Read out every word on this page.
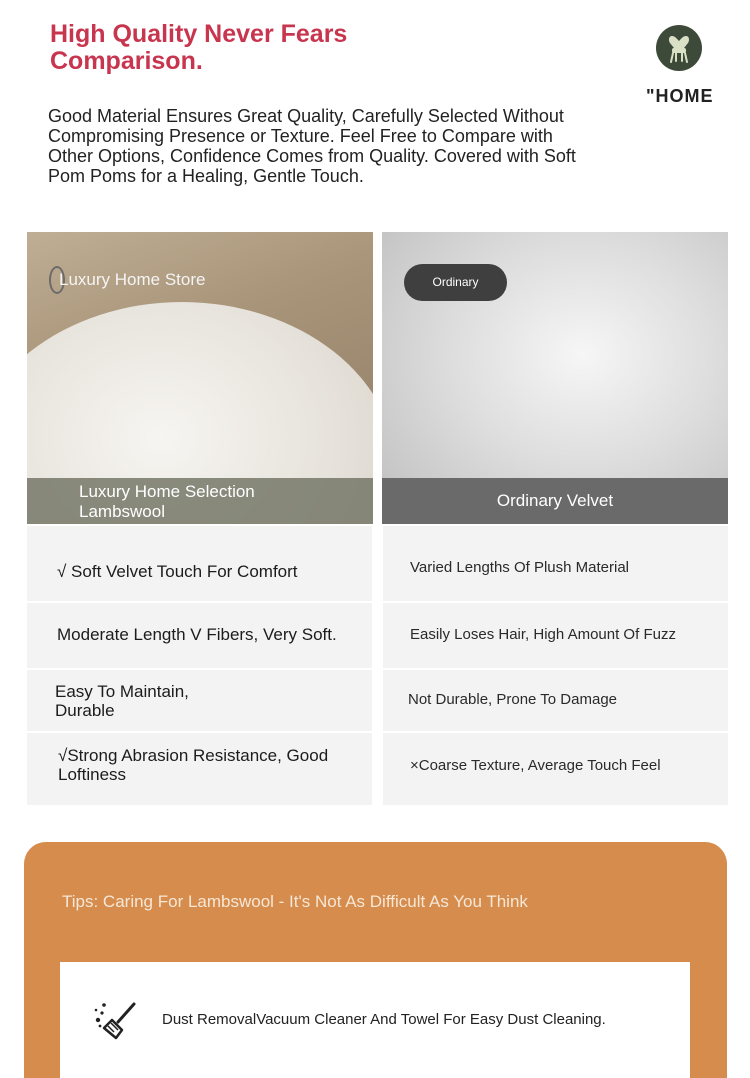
High Quality Never Fears Comparison.
"HOME

Good Material Ensures Great Quality, Carefully Selected Without Compromising Presence or Texture. Feel Free to Compare with Other Options, Confidence Comes from Quality. Covered with Soft Pom Poms for a Healing, Gentle Touch.

Luxury Home Store
Luxury Home Selection
Lambswool
Ordinary
Ordinary Velvet
√ Soft Velvet Touch For Comfort
Moderate Length V Fibers, Very Soft.
Easy To Maintain,
Durable
√Strong Abrasion Resistance, Good
Loftiness
Varied Lengths Of Plush Material
Easily Loses Hair, High Amount Of Fuzz
Not Durable, Prone To Damage
×Coarse Texture, Average Touch Feel
Tips: Caring For Lambswool - It's Not As Difficult As You Think
Dust RemovalVacuum Cleaner And Towel For Easy Dust Cleaning.
